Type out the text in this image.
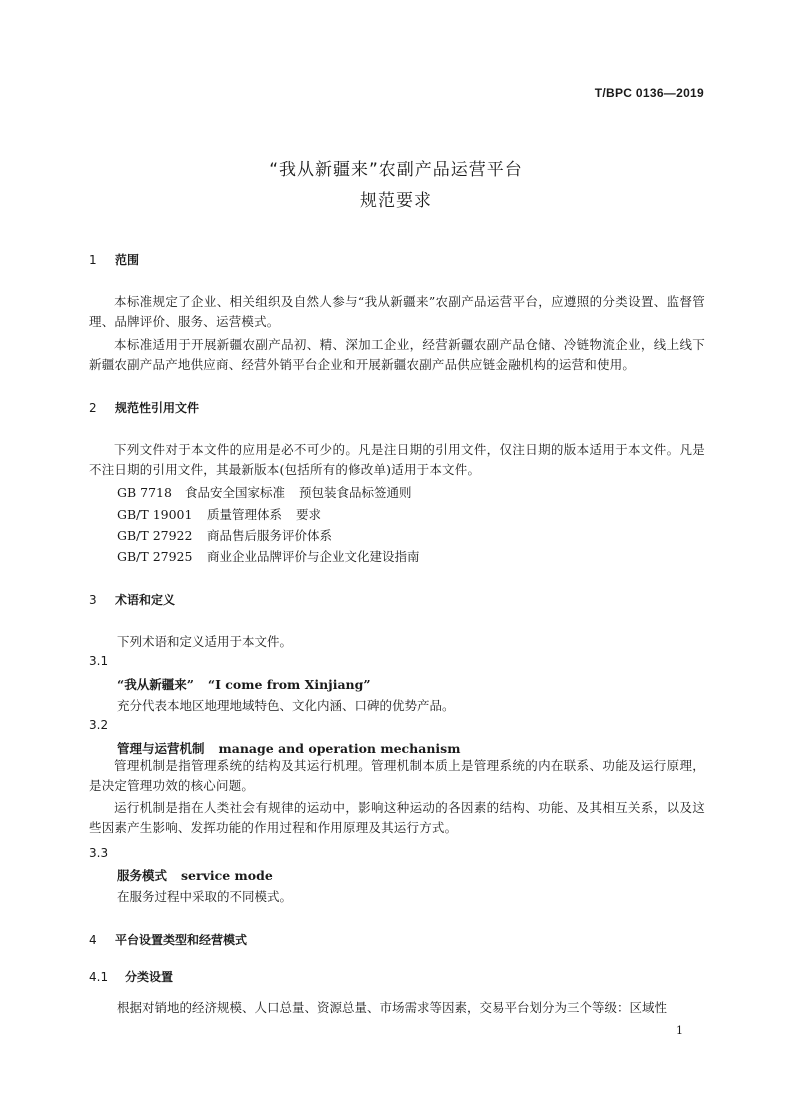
T/BPC 0136—2019
“我从新疆来”农副产品运营平台
规范要求
1 范围
本标准规定了企业、相关组织及自然人参与“我从新疆来”农副产品运营平台，应遵照的分类设置、监督管理、品牌评价、服务、运营模式。
本标准适用于开展新疆农副产品初、精、深加工企业，经营新疆农副产品仓储、冷链物流企业，线上线下新疆农副产品产地供应商、经营外销平台企业和开展新疆农副产品供应链金融机构的运营和使用。
2 规范性引用文件
下列文件对于本文件的应用是必不可少的。凡是注日期的引用文件，仅注日期的版本适用于本文件。凡是不注日期的引用文件，其最新版本(包括所有的修改单)适用于本文件。
GB 7718 食品安全国家标准 预包装食品标签通则
GB/T 19001 质量管理体系 要求
GB/T 27922 商品售后服务评价体系
GB/T 27925 商业企业品牌评价与企业文化建设指南
3 术语和定义
下列术语和定义适用于本文件。
3.1
“我从新疆来” “I come from Xinjiang”
充分代表本地区地理地域特色、文化内涵、口碑的优势产品。
3.2
管理与运营机制 manage and operation mechanism
管理机制是指管理系统的结构及其运行机理。管理机制本质上是管理系统的内在联系、功能及运行原理，是决定管理功效的核心问题。
运行机制是指在人类社会有规律的运动中，影响这种运动的各因素的结构、功能、及其相互关系，以及这些因素产生影响、发挥功能的作用过程和作用原理及其运行方式。
3.3
服务模式 service mode
在服务过程中采取的不同模式。
4 平台设置类型和经营模式
4.1 分类设置
根据对销地的经济规模、人口总量、资源总量、市场需求等因素，交易平台划分为三个等级：区域性
1
